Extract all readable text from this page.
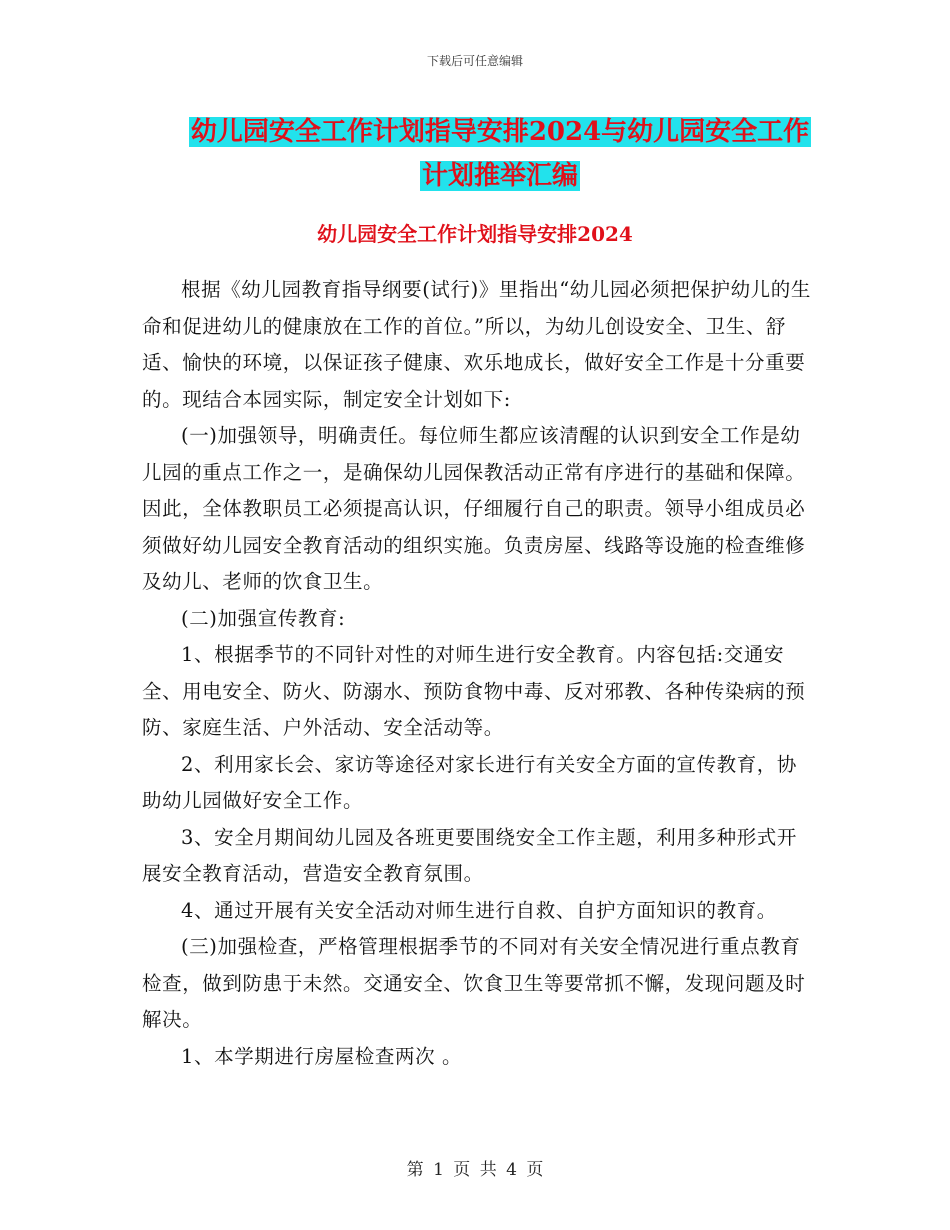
下载后可任意编辑
幼儿园安全工作计划指导安排2024与幼儿园安全工作
计划推举汇编
幼儿园安全工作计划指导安排2024

根据《幼儿园教育指导纲要(试行)》里指出“幼儿园必须把保护幼儿的生命和促进幼儿的健康放在工作的首位。”所以，为幼儿创设安全、卫生、舒适、愉快的环境，以保证孩子健康、欢乐地成长，做好安全工作是十分重要的。现结合本园实际，制定安全计划如下:

(一)加强领导，明确责任。每位师生都应该清醒的认识到安全工作是幼儿园的重点工作之一，是确保幼儿园保教活动正常有序进行的基础和保障。因此，全体教职员工必须提高认识，仔细履行自己的职责。领导小组成员必须做好幼儿园安全教育活动的组织实施。负责房屋、线路等设施的检查维修及幼儿、老师的饮食卫生。

(二)加强宣传教育:

1、根据季节的不同针对性的对师生进行安全教育。内容包括:交通安全、用电安全、防火、防溺水、预防食物中毒、反对邪教、各种传染病的预防、家庭生活、户外活动、安全活动等。

2、利用家长会、家访等途径对家长进行有关安全方面的宣传教育，协助幼儿园做好安全工作。

3、安全月期间幼儿园及各班更要围绕安全工作主题，利用多种形式开展安全教育活动，营造安全教育氛围。

4、通过开展有关安全活动对师生进行自救、自护方面知识的教育。

(三)加强检查，严格管理根据季节的不同对有关安全情况进行重点教育检查，做到防患于未然。交通安全、饮食卫生等要常抓不懈，发现问题及时解决。

1、本学期进行房屋检查两次 。

第 1 页 共 4 页
